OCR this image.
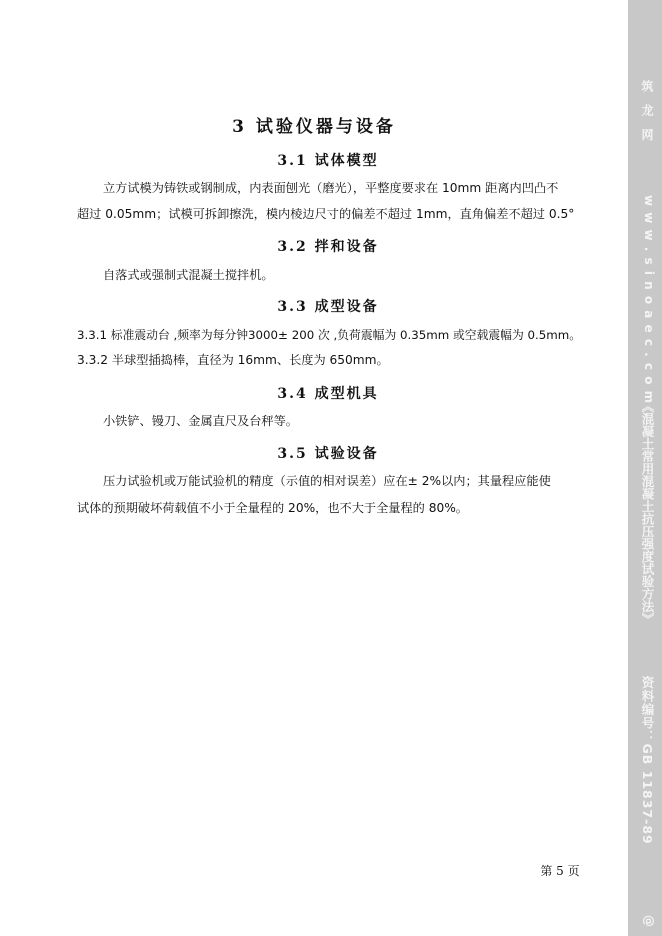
3 试验仪器与设备
3.1 试体模型
立方试模为铸铁或钢制成，内表面刨光（磨光），平整度要求在 10mm 距离内凹凸不
超过 0.05mm；试模可拆卸擦洗，模内棱边尺寸的偏差不超过 1mm，直角偏差不超过 0.5°
3.2 拌和设备
自落式或强制式混凝土搅拌机。
3.3 成型设备
3.3.1 标准震动台 ,频率为每分钟3000± 200 次 ,负荷震幅为 0.35mm 或空载震幅为 0.5mm。
3.3.2 半球型插捣棒，直径为 16mm、长度为 650mm。
3.4 成型机具
小铁铲、镘刀、金属直尺及台秤等。
3.5 试验设备
压力试验机或万能试验机的精度（示值的相对误差）应在± 2%以内；其量程应能使
试体的预期破坏荷载值不小于全量程的 20%，也不大于全量程的 80%。
第 5 页
筑 龙 网
w w w . s i n o a e c . c o m
《混凝土常用混凝土抗压强度试验方法》
资料编号：GB 11837-89
@
